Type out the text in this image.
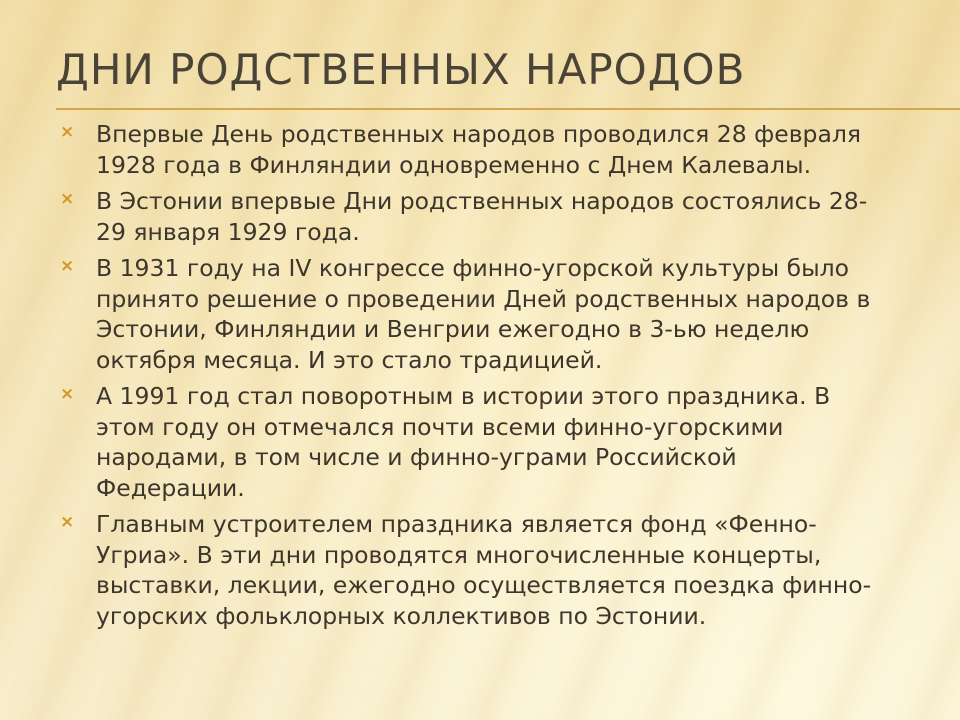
ДНИ РОДСТВЕННЫХ НАРОДОВ
× Впервые День родственных народов проводился 28 февраля 1928 года в Финляндии одновременно с Днем Калевалы.
× В Эстонии впервые Дни родственных народов состоялись 28-29 января 1929 года.
× В 1931 году на IV конгрессе финно-угорской культуры было принято решение о проведении Дней родственных народов в Эстонии, Финляндии и Венгрии ежегодно в 3-ью неделю октября месяца. И это стало традицией.
× А 1991 год стал поворотным в истории этого праздника. В этом году он отмечался почти всеми финно-угорскими народами, в том числе и финно-уграми Российской Федерации.
× Главным устроителем праздника является фонд «Фенно-Угриа». В эти дни проводятся многочисленные концерты, выставки, лекции, ежегодно осуществляется поездка финно-угорских фольклорных коллективов по Эстонии.
